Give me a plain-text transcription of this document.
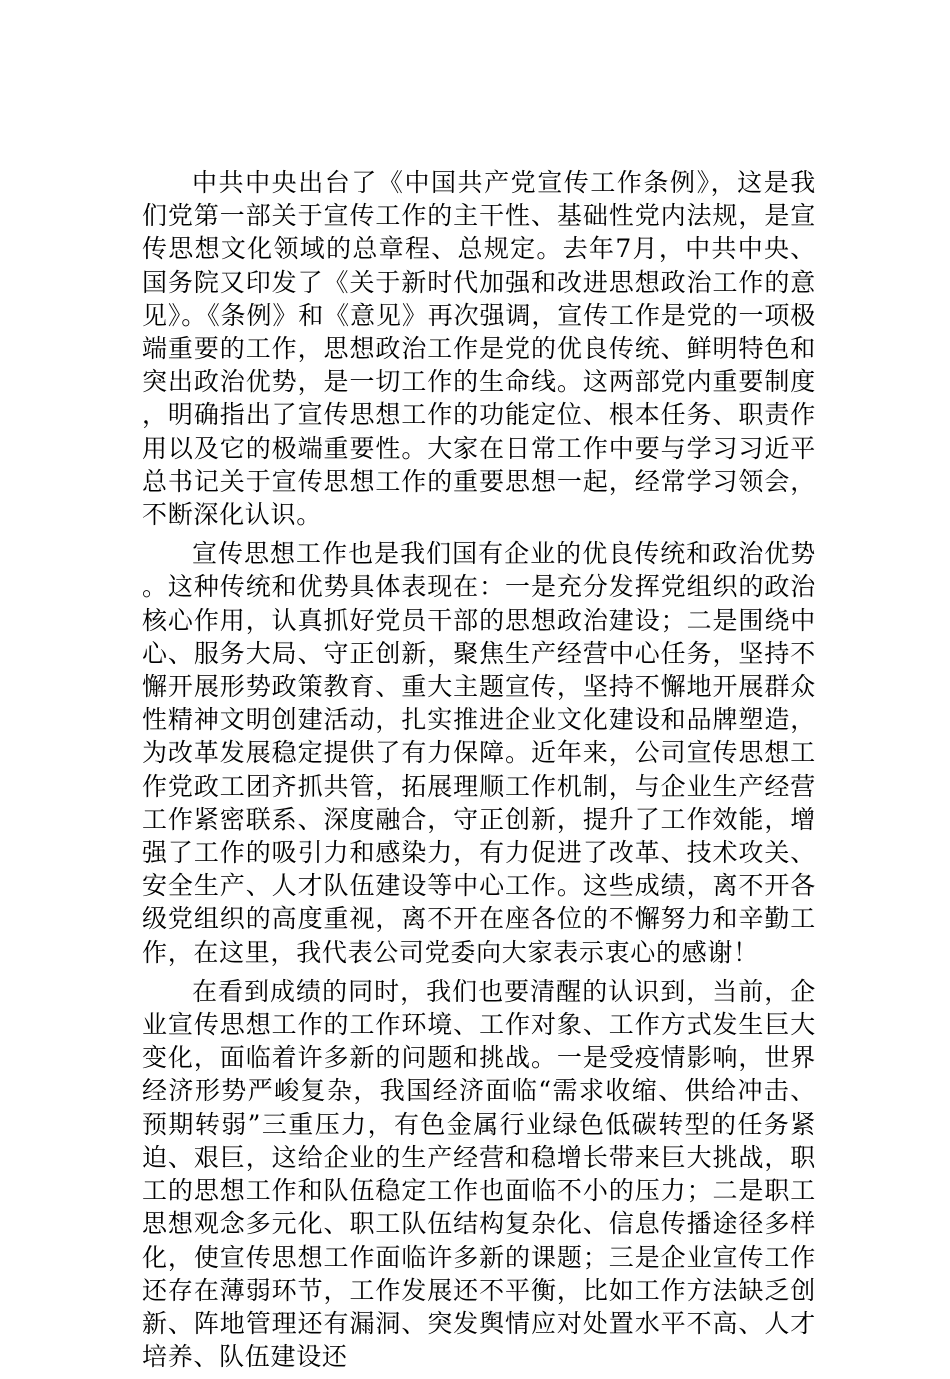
中共中央出台了《中国共产党宣传工作条例》，这是我们党第一部关于宣传工作的主干性、基础性党内法规，是宣传思想文化领域的总章程、总规定。去年7月，中共中央、国务院又印发了《关于新时代加强和改进思想政治工作的意见》。《条例》和《意见》再次强调，宣传工作是党的一项极端重要的工作，思想政治工作是党的优良传统、鲜明特色和突出政治优势，是一切工作的生命线。这两部党内重要制度，明确指出了宣传思想工作的功能定位、根本任务、职责作用以及它的极端重要性。大家在日常工作中要与学习习近平总书记关于宣传思想工作的重要思想一起，经常学习领会，不断深化认识。

宣传思想工作也是我们国有企业的优良传统和政治优势。这种传统和优势具体表现在：一是充分发挥党组织的政治核心作用，认真抓好党员干部的思想政治建设；二是围绕中心、服务大局、守正创新，聚焦生产经营中心任务，坚持不懈开展形势政策教育、重大主题宣传，坚持不懈地开展群众性精神文明创建活动，扎实推进企业文化建设和品牌塑造，为改革发展稳定提供了有力保障。近年来，公司宣传思想工作党政工团齐抓共管，拓展理顺工作机制，与企业生产经营工作紧密联系、深度融合，守正创新，提升了工作效能，增强了工作的吸引力和感染力，有力促进了改革、技术攻关、安全生产、人才队伍建设等中心工作。这些成绩，离不开各级党组织的高度重视，离不开在座各位的不懈努力和辛勤工作，在这里，我代表公司党委向大家表示衷心的感谢！

在看到成绩的同时，我们也要清醒的认识到，当前，企业宣传思想工作的工作环境、工作对象、工作方式发生巨大变化，面临着许多新的问题和挑战。一是受疫情影响，世界经济形势严峻复杂，我国经济面临“需求收缩、供给冲击、预期转弱”三重压力，有色金属行业绿色低碳转型的任务紧迫、艰巨，这给企业的生产经营和稳增长带来巨大挑战，职工的思想工作和队伍稳定工作也面临不小的压力；二是职工思想观念多元化、职工队伍结构复杂化、信息传播途径多样化，使宣传思想工作面临许多新的课题；三是企业宣传工作还存在薄弱环节，工作发展还不平衡，比如工作方法缺乏创新、阵地管理还有漏洞、突发舆情应对处置水平不高、人才培养、队伍建设还
